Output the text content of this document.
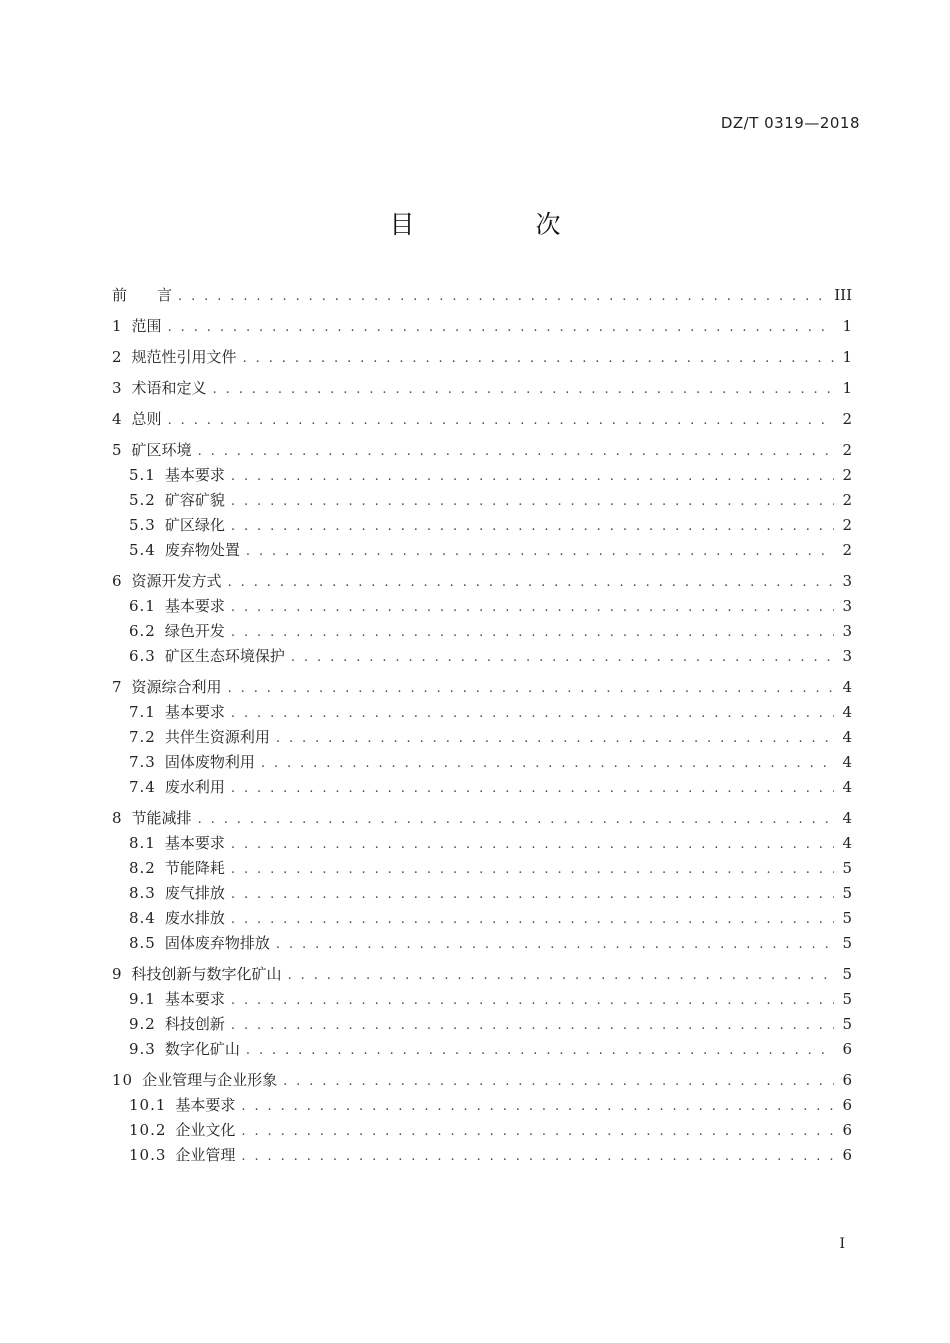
DZ/T 0319—2018
目　次
前　　言 . . .	III
1 范围 . . .	1
2 规范性引用文件 . . .	1
3 术语和定义 . . .	1
4 总则 . . .	2
5 矿区环境 . . .	2
5.1 基本要求 . . .	2
5.2 矿容矿貌 . . .	2
5.3 矿区绿化 . . .	2
5.4 废弃物处置 . . .	2
6 资源开发方式 . . .	3
6.1 基本要求 . . .	3
6.2 绿色开发 . . .	3
6.3 矿区生态环境保护 . . .	3
7 资源综合利用 . . .	4
7.1 基本要求 . . .	4
7.2 共伴生资源利用 . . .	4
7.3 固体废物利用 . . .	4
7.4 废水利用 . . .	4
8 节能减排 . . .	4
8.1 基本要求 . . .	4
8.2 节能降耗 . . .	5
8.3 废气排放 . . .	5
8.4 废水排放 . . .	5
8.5 固体废弃物排放 . . .	5
9 科技创新与数字化矿山 . . .	5
9.1 基本要求 . . .	5
9.2 科技创新 . . .	5
9.3 数字化矿山 . . .	6
10 企业管理与企业形象 . . .	6
10.1 基本要求 . . .	6
10.2 企业文化 . . .	6
10.3 企业管理 . . .	6
I
